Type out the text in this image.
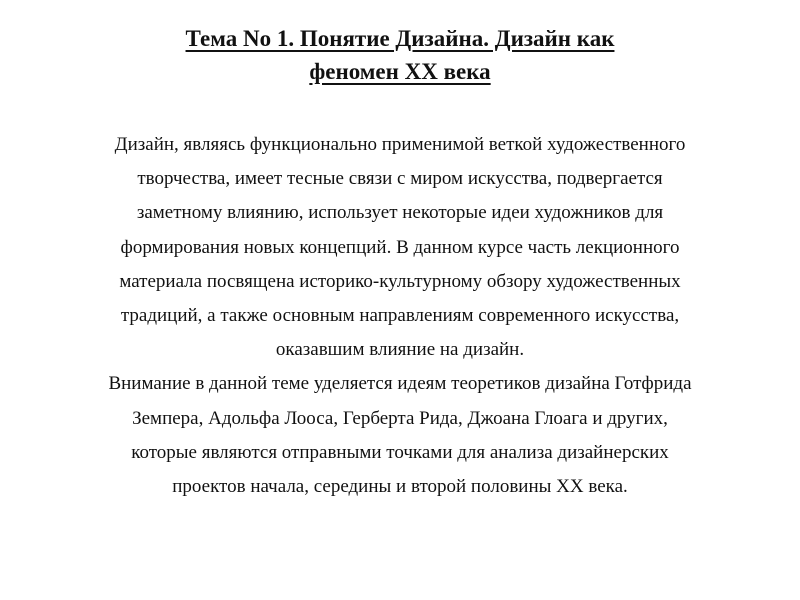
Тема No 1. Понятие Дизайна. Дизайн как
феномен XX века

Дизайн, являясь функционально применимой веткой художественного
творчества, имеет тесные связи с миром искусства, подвергается
заметному влиянию, использует некоторые идеи художников для
формирования новых концепций. В данном курсе часть лекционного
материала посвящена историко-культурному обзору художественных
традиций, а также основным направлениям современного искусства,
оказавшим влияние на дизайн.

Внимание в данной теме уделяется идеям теоретиков дизайна Готфрида
Земпера, Адольфа Лооса, Герберта Рида, Джоана Глоага и других,
которые являются отправными точками для анализа дизайнерских
проектов начала, середины и второй половины XX века.
